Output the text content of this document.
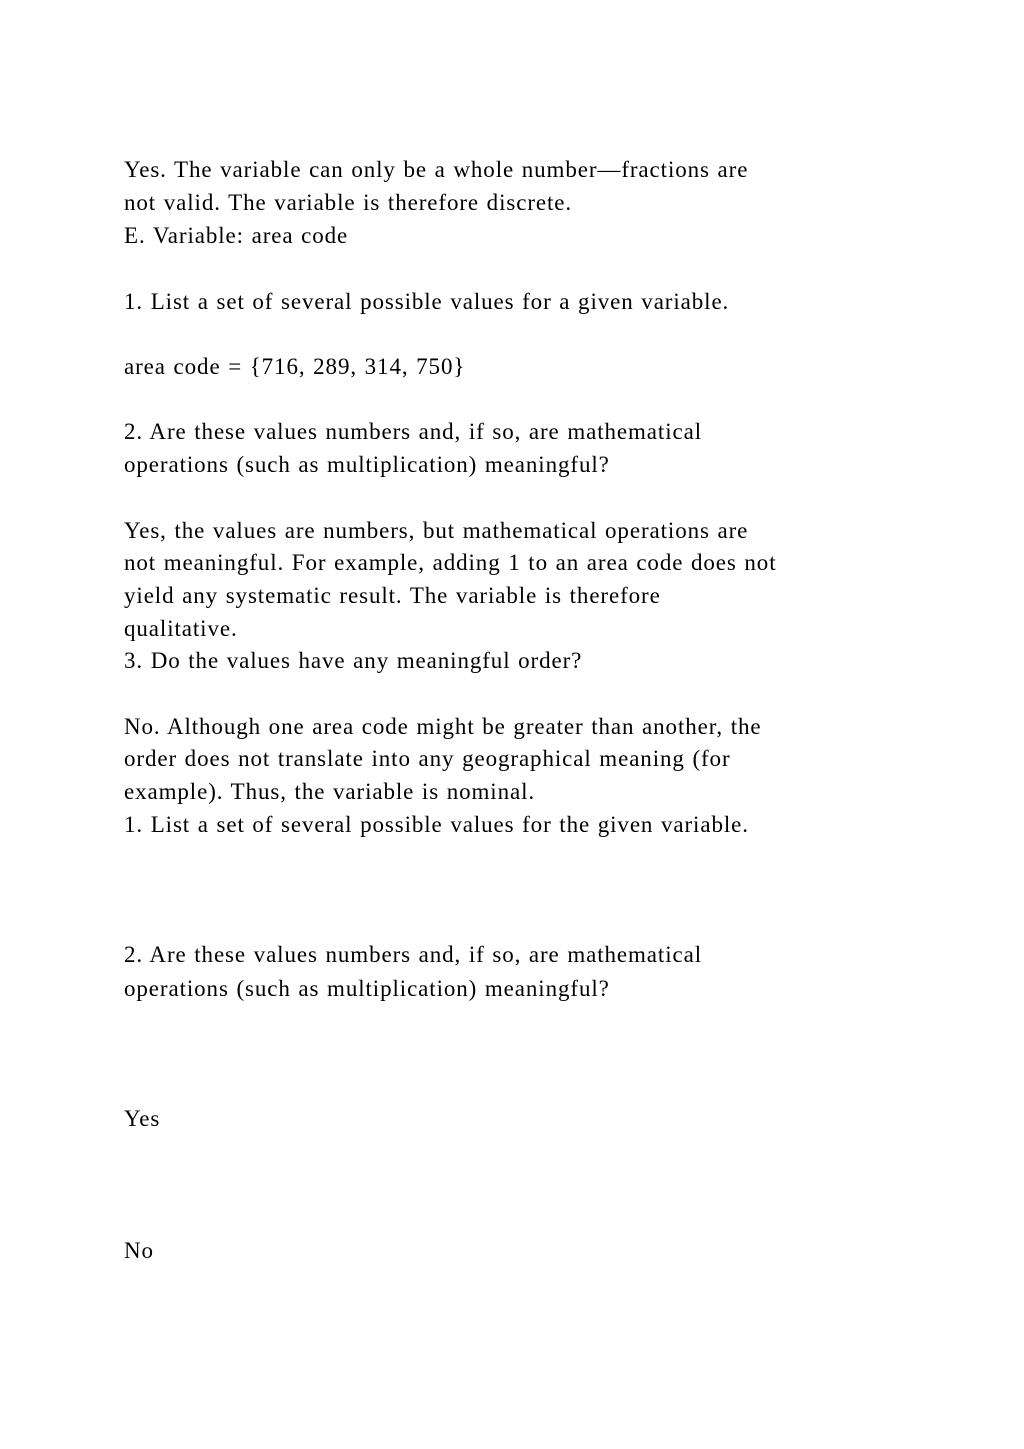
Yes. The variable can only be a whole number—fractions are

not valid. The variable is therefore discrete.

E. Variable: area code

1. List a set of several possible values for a given variable.

area code = {716, 289, 314, 750}

2. Are these values numbers and, if so, are mathematical

operations (such as multiplication) meaningful?

Yes, the values are numbers, but mathematical operations are

not meaningful. For example, adding 1 to an area code does not

yield any systematic result. The variable is therefore

qualitative.

3. Do the values have any meaningful order?

No. Although one area code might be greater than another, the

order does not translate into any geographical meaning (for

example). Thus, the variable is nominal.

1. List a set of several possible values for the given variable.

2. Are these values numbers and, if so, are mathematical

operations (such as multiplication) meaningful?

Yes

No
